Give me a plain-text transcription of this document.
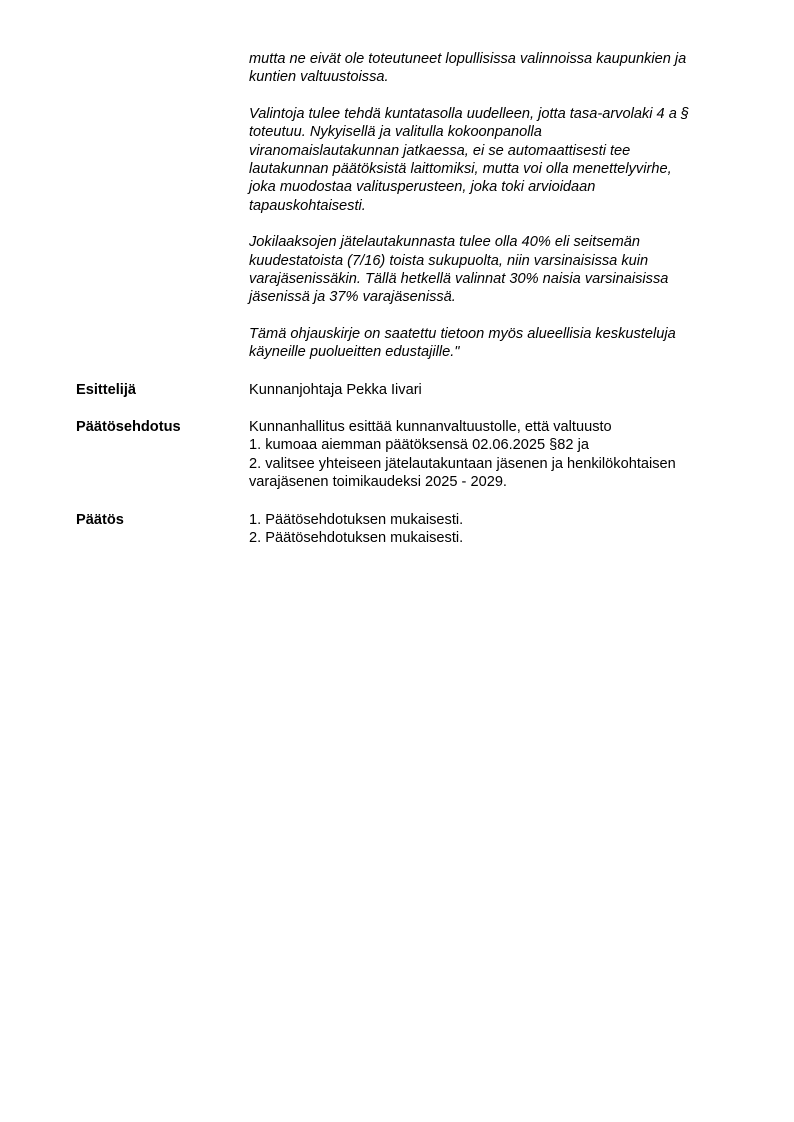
mutta ne eivät ole toteutuneet lopullisissa valinnoissa kaupunkien ja
kuntien valtuustoissa.

Valintoja tulee tehdä kuntatasolla uudelleen, jotta tasa-arvolaki 4 a §
toteutuu. Nykyisellä ja valitulla kokoonpanolla
viranomaislautakunnan jatkaessa, ei se automaattisesti tee
lautakunnan päätöksistä laittomiksi, mutta voi olla menettelyvirhe,
joka muodostaa valitusperusteen, joka toki arvioidaan
tapauskohtaisesti.

Jokilaaksojen jätelautakunnasta tulee olla 40% eli seitsemän
kuudestatoista (7/16) toista sukupuolta, niin varsinaisissa kuin
varajäsenissäkin. Tällä hetkellä valinnat 30% naisia varsinaisissa
jäsenissä ja 37% varajäsenissä.

Tämä ohjauskirje on saatettu tietoon myös alueellisia keskusteluja
käyneille puolueitten edustajille."

Esittelijä	Kunnanjohtaja Pekka Iivari
Päätösehdotus	Kunnanhallitus esittää kunnanvaltuustolle, että valtuusto
1. kumoaa aiemman päätöksensä 02.06.2025 §82 ja
2. valitsee yhteiseen jätelautakuntaan jäsenen ja henkilökohtaisen
varajäsenen toimikaudeksi 2025 - 2029.
Päätös	1. Päätösehdotuksen mukaisesti.
2. Päätösehdotuksen mukaisesti.
